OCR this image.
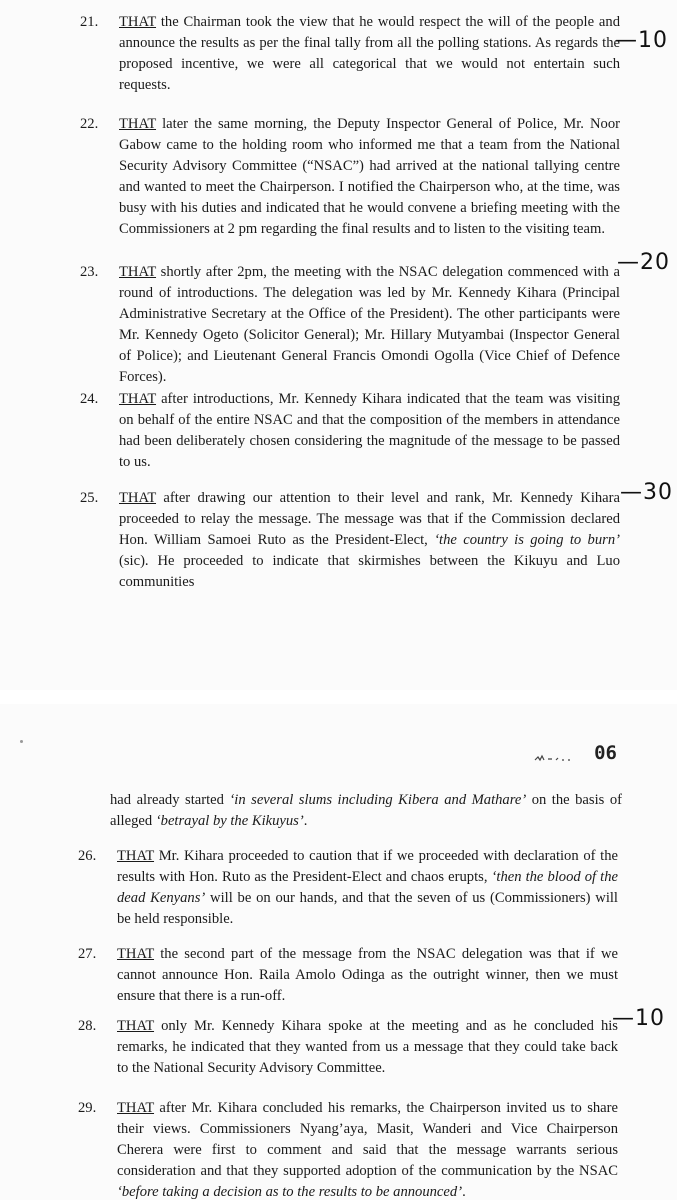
21. THAT the Chairman took the view that he would respect the will of the people and announce the results as per the final tally from all the polling stations. As regards the proposed incentive, we were all categorical that we would not entertain such requests.
22. THAT later the same morning, the Deputy Inspector General of Police, Mr. Noor Gabow came to the holding room who informed me that a team from the National Security Advisory Committee (“NSAC”) had arrived at the national tallying centre and wanted to meet the Chairperson. I notified the Chairperson who, at the time, was busy with his duties and indicated that he would convene a briefing meeting with the Commissioners at 2 pm regarding the final results and to listen to the visiting team.
23. THAT shortly after 2pm, the meeting with the NSAC delegation commenced with a round of introductions. The delegation was led by Mr. Kennedy Kihara (Principal Administrative Secretary at the Office of the President). The other participants were Mr. Kennedy Ogeto (Solicitor General); Mr. Hillary Mutyambai (Inspector General of Police); and Lieutenant General Francis Omondi Ogolla (Vice Chief of Defence Forces).
24. THAT after introductions, Mr. Kennedy Kihara indicated that the team was visiting on behalf of the entire NSAC and that the composition of the members in attendance had been deliberately chosen considering the magnitude of the message to be passed to us.
25. THAT after drawing our attention to their level and rank, Mr. Kennedy Kihara proceeded to relay the message. The message was that if the Commission declared Hon. William Samoei Ruto as the President-Elect, ‘the country is going to burn’ (sic). He proceeded to indicate that skirmishes between the Kikuyu and Luo communities
—10
—20
—30
06
had already started ‘in several slums including Kibera and Mathare’ on the basis of alleged ‘betrayal by the Kikuyus’.
26. THAT Mr. Kihara proceeded to caution that if we proceeded with declaration of the results with Hon. Ruto as the President-Elect and chaos erupts, ‘then the blood of the dead Kenyans’ will be on our hands, and that the seven of us (Commissioners) will be held responsible.
27. THAT the second part of the message from the NSAC delegation was that if we cannot announce Hon. Raila Amolo Odinga as the outright winner, then we must ensure that there is a run-off.
28. THAT only Mr. Kennedy Kihara spoke at the meeting and as he concluded his remarks, he indicated that they wanted from us a message that they could take back to the National Security Advisory Committee.
29. THAT after Mr. Kihara concluded his remarks, the Chairperson invited us to share their views. Commissioners Nyang’aya, Masit, Wanderi and Vice Chairperson Cherera were first to comment and said that the message warrants serious consideration and that they supported adoption of the communication by the NSAC ‘before taking a decision as to the results to be announced’.
—10
